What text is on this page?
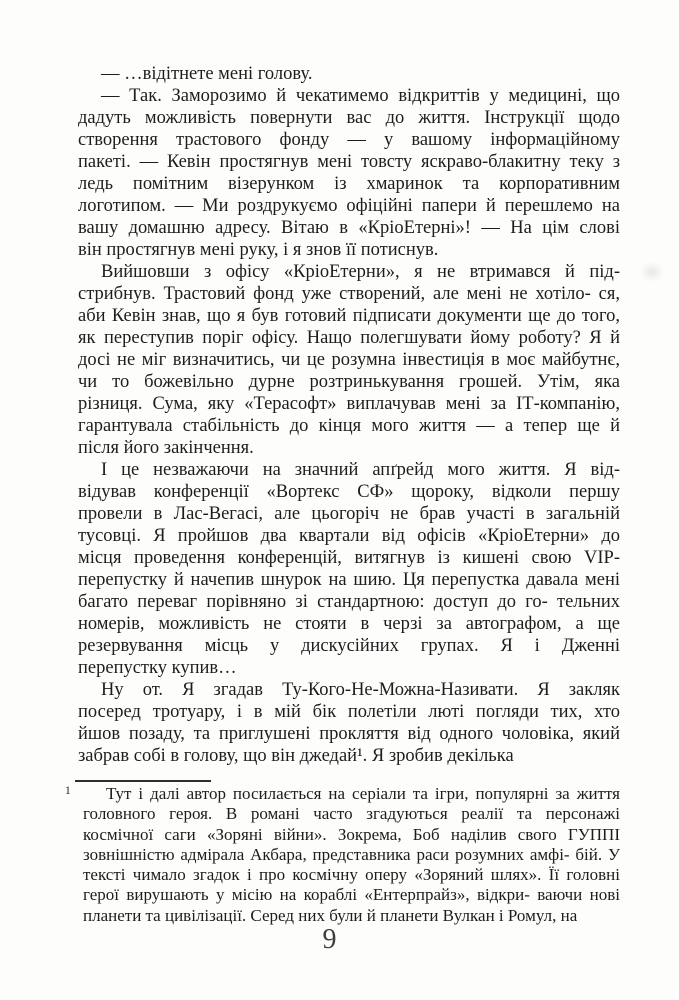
— …відітнете мені голову.
— Так. Заморозимо й чекатимемо відкриттів у медицині, що
дадуть можливість повернути вас до життя. Інструкції щодо
створення трастового фонду — у вашому інформаційному
пакеті. — Кевін простягнув мені товсту яскраво-блакитну теку з
ледь помітним візерунком із хмаринок та корпоративним
логотипом. — Ми роздрукуємо офіційні папери й перешлемо на
вашу домашню адресу. Вітаю в «КріоЕтерні»! — На цім слові
він простягнув мені руку, і я знов її потиснув.
Вийшовши з офісу «КріоЕтерни», я не втримався й під-
стрибнув. Трастовий фонд уже створений, але мені не хотіло- ся,
аби Кевін знав, що я був готовий підписати документи ще до того,
як переступив поріг офісу. Нащо полегшувати йому роботу? Я й
досі не міг визначитись, чи це розумна інвестиція в моє майбутнє,
чи то божевільно дурне розтринькування грошей. Утім, яка
різниця. Сума, яку «Терасофт» виплачував мені за ІТ-компанію,
гарантувала стабільність до кінця мого життя — а тепер ще й
після його закінчення.
І це незважаючи на значний апґрейд мого життя. Я від-
відував конференції «Вортекс СФ» щороку, відколи першу
провели в Лас-Вегасі, але цьогоріч не брав участі в загальній
тусовці. Я пройшов два квартали від офісів «КріоЕтерни» до
місця проведення конференцій, витягнув із кишені свою VIP-
перепустку й начепив шнурок на шию. Ця перепустка давала мені
багато переваг порівняно зі стандартною: доступ до го- тельних
номерів, можливість не стояти в черзі за автографом, а ще
резервування місць у дискусійних групах. Я і Дженні
перепустку купив…
Ну от. Я згадав Ту-Кого-Не-Можна-Називати. Я закляк
посеред тротуару, і в мій бік полетіли люті погляди тих, хто
йшов позаду, та приглушені прокляття від одного чоловіка, який
забрав собі в голову, що він джедай¹. Я зробив декілька
1	Тут і далі автор посилається на серіали та ігри, популярні за життя
головного героя. В романі часто згадуються реалії та персонажі
космічної саги «Зоряні війни». Зокрема, Боб наділив свого ГУППІ
зовнішністю адмірала Акбара, представника раси розумних амфі- бій. У
тексті чимало згадок і про космічну оперу «Зоряний шлях». Її головні
герої вирушають у місію на кораблі «Ентерпрайз», відкри- ваючи нові
планети та цивілізації. Серед них були й планети Вулкан і Ромул, на
9
